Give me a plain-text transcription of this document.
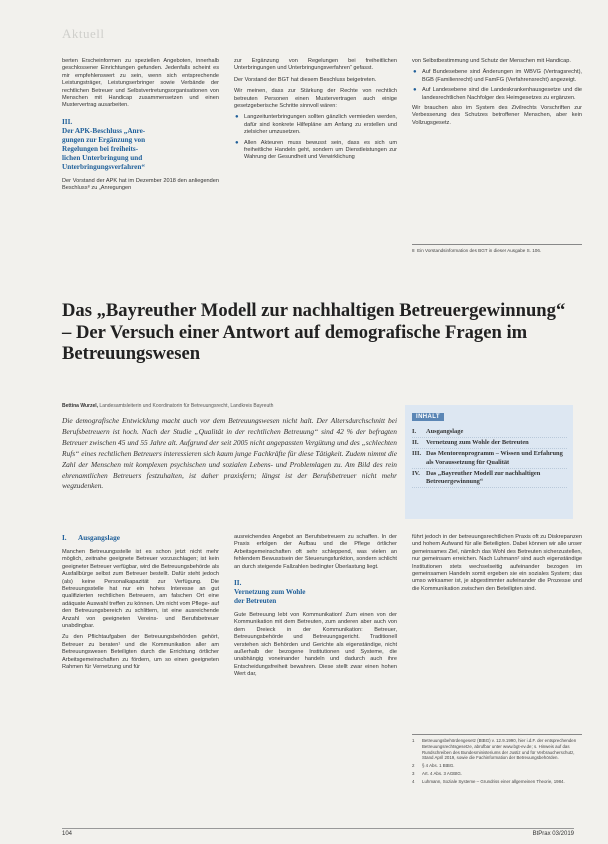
Aktuell

berten Erscheinformen zu speziellen Angeboten, innerhalb geschlossener Einrichtungen gefunden. Jedenfalls scheint es mir empfehlenswert zu sein, wenn sich entsprechende Leistungsträger, Leistungserbringer sowie Verbände der rechtlichen Betreuer und Selbstvertretungsorganisationen von Menschen mit Handicap zusammensetzen und einen Mustervertrag ausarbeiten.

III.Der APK-Beschluss „Anre-
gungen zur Ergänzung von
Regelungen bei freiheits-
lichen Unterbringung und
Unterbringungsverfahren“

Der Vorstand der APK hat im Dezember 2018 den anliegenden Beschluss⁸ zu „Anregungen

zur Ergänzung von Regelungen bei freiheitlichen Unterbringungen und Unterbringungsverfahren“ gefasst.

Der Vorstand der BGT hat diesem Beschluss beigetreten.

Wir meinen, dass zur Stärkung der Rechte von rechtlich betreuten Personen einen Mustervertragen auch einige gesetzgeberische Schritte sinnvoll wären:

● Langzeitunterbringungen sollten gänzlich vermieden werden, dafür sind konkrete Hilfepläne am Anfang zu erstellen und zielsicher umzusetzen.
● Allen Akteuren muss bewusst sein, dass es sich um freiheitliche Handeln geht, sondern um Dienstleistungen zur Wahrung der Gesundheit und Verwirklichung

von Selbstbestimmung und Schutz der Menschen mit Handicap.

● Auf Bundesebene sind Änderungen im WBVG (Vertragsrecht), BGB (Familienrecht) und FamFG (Verfahrensrecht) angezeigt.
● Auf Landesebene sind die Landeskrankenhausgesetze und die landesrechtlichen Nachfolger des Heimgesetzes zu ergänzen.

Wir brauchen also im System des Zivilrechts Vorschriften zur Verbesserung des Schutzes betroffener Menschen, aber kein Vollzugsgesetz.

8 Ein Vorstandsinformation des BGT in dieser Ausgabe S. 106.
Das „Bayreuther Modell zur nachhaltigen Betreuergewinnung“ – Der Versuch einer Antwort auf demografische Fragen im Betreuungswesen
Bettina Wurzel, Landesamtsleiterin und Koordinatorin für Betreuungsrecht, Landkreis Bayreuth
Die demografische Entwicklung macht auch vor dem Betreuungswesen nicht halt. Der Altersdurchschnitt bei Berufsbetreuern ist hoch. Nach der Studie „Qualität in der rechtlichen Betreuung“ sind 42 % der befragten Betreuer zwischen 45 und 55 Jahre alt. Aufgrund der seit 2005 nicht angepassten Vergütung und des „schlechten Rufs“ eines rechtlichen Betreuers interessieren sich kaum junge Fachkräfte für diese Tätigkeit. Zudem nimmt die Zahl der Menschen mit komplexen psychischen und sozialen Lebens- und Problemlagen zu. Am Bild des rein ehrenamtlichen Betreuers festzuhalten, ist daher praxisfern; längst ist der Berufsbetreuer nicht mehr wegzudenken.
INHALT
I.	Ausgangslage
II.	Vernetzung zum Wohle der Betreuten
III. Das Mentorenprogramm – Wissen und Erfahrung als Voraussetzung für Qualität
IV. Das „Bayreuther Modell zur nachhaltigen Betreuergewinnung“
I. Ausgangslage

Manchen Betreuungsstelle ist es schon jetzt nicht mehr möglich, zeitnahe geeignete Betreuer vorzuschlagen; ist kein geeigneter Betreuer verfügbar, wird die Betreuungsbehörde als Ausfallbürge selbst zum Betreuer bestellt. Dafür steht jedoch (als) keine Personalkapazität zur Verfügung. Die Betreuungsstelle hat nur ein hohes Interesse an gut qualifizierten rechtlichen Betreuern, am falschen Ort eine adäquate Auswahl treffen zu können. Um nicht vom Pflege- auf den Betreuungsbereich zu schlittern, ist eine ausreichende Anzahl von geeigneten Vereins- und Berufsbetreuer unabdingbar.

Zu den Pflichtaufgaben der Betreuungsbehörden gehört, Betreuer zu beraten¹ und die Kommunikation aller am Betreuungswesen Beteiligten durch die Errichtung örtlicher Arbeitsgemeinschaften zu fördern, um so einen geeigneten Rahmen für Vernetzung und für

ausreichendes Angebot an Berufsbetreuern zu schaffen. In der Praxis erfolgen der Aufbau und die Pflege örtlicher Arbeitsgemeinschaften oft sehr schleppend, was vielen an fehlendem Bewusstsein der Steuerungsfunktion, sondern schlicht an durch steigende Fallzahlen bedingter Überlastung liegt.

II.Vernetzung zum Wohle
der Betreuten

Gute Betreuung lebt von Kommunikation! Zum einen von der Kommunikation mit dem Betreuten, zum anderen aber auch von dem Dreieck in der Kommunikation: Betreuer, Betreuungsbehörde und Betreuungsgericht. Traditionell verstehen sich Behörden und Gerichte als eigenständige, nicht außerhalb der bezogene Institutionen und Systeme, die unabhängig voneinander handeln und dadurch auch ihre Entscheidungsfreiheit bewahren. Diese stellt zwar einen hohen Wert dar,

führt jedoch in der betreuungsrechtlichen Praxis oft zu Diskrepanzen und hohem Aufwand für alle Beteiligten. Dabei können wir alle unser gemeinsames Ziel, nämlich das Wohl des Betreuten sicherzustellen, nur gemeinsam erreichen. Nach Luhmann² sind auch eigenständige Institutionen stets wechselseitig aufeinander bezogen im gemeinsamen Handeln somit ergeben sie ein soziales System; das umso wirksamer ist, je abgestimmter aufeinander die Prozesse und die Kommunikation zwischen den Beteiligten sind.

1	Betreuungsbehördengesetz (BtBG) v. 12.9.1990, hier i.d.F. der entsprechenden Betreuungsrechtsgesetze, abrufbar unter www.bgt-ev.de; s. Hinweis auf das Rundschreiben des Bundesministeriums der Justiz und für Verbraucherschutz, Stand April 2019, sowie die Fachinformation der Betreuungsbehörden.
2	§ 4 Abs. 1 BtBG.
3	Art. 4 Abs. 3 AGBtG.
4	Luhmann, Soziale Systeme – Grundriss einer allgemeinen Theorie, 1984.
104	BtPrax 03/2019
